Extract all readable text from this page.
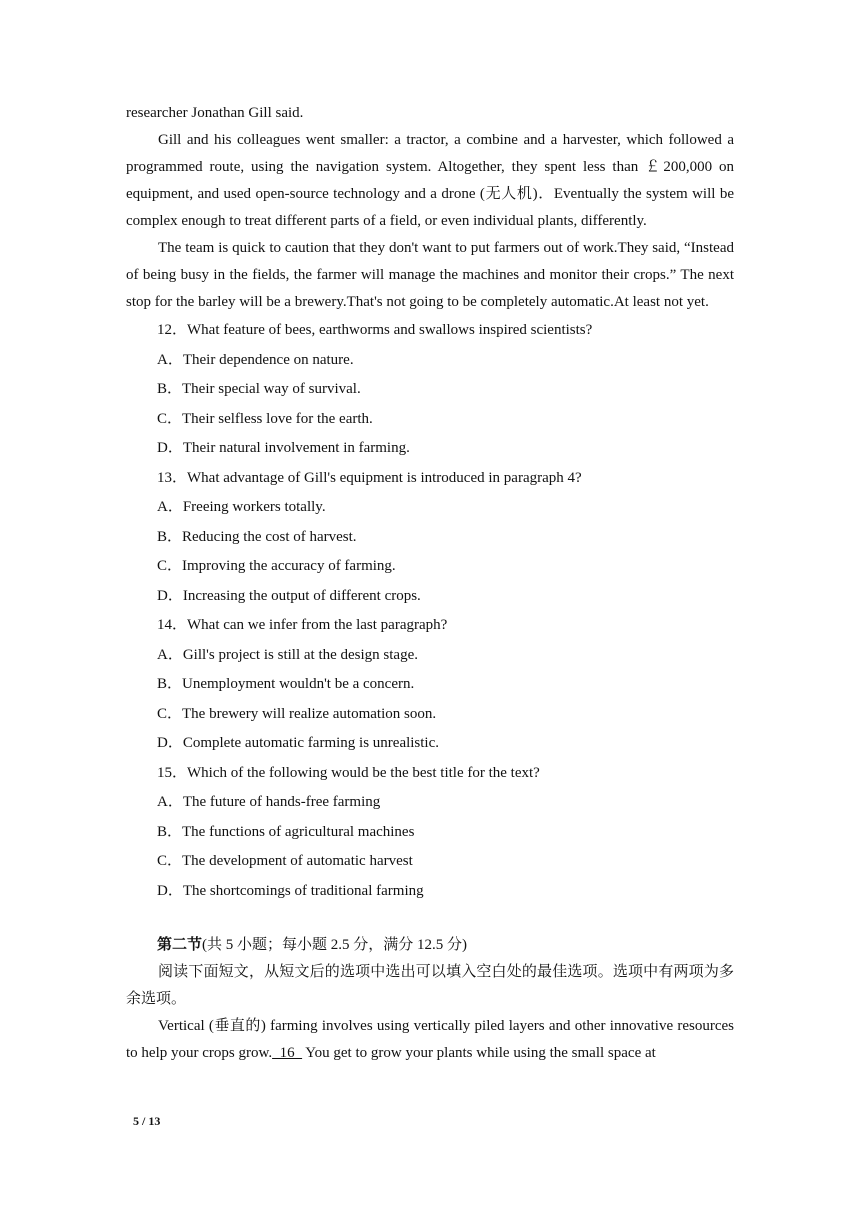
researcher Jonathan Gill said.

Gill and his colleagues went smaller: a tractor, a combine and a harvester, which followed a programmed route, using the navigation system. Altogether, they spent less than ￡200,000 on equipment, and used open-source technology and a drone (无人机)．Eventually the system will be complex enough to treat different parts of a field, or even individual plants, differently.

The team is quick to caution that they don't want to put farmers out of work.They said, “Instead of being busy in the fields, the farmer will manage the machines and monitor their crops.” The next stop for the barley will be a brewery.That's not going to be completely automatic.At least not yet.

12．What feature of bees, earthworms and swallows inspired scientists?

A．Their dependence on nature.

B．Their special way of survival.

C．Their selfless love for the earth.

D．Their natural involvement in farming.

13．What advantage of Gill's equipment is introduced in paragraph 4?

A．Freeing workers totally.

B．Reducing the cost of harvest.

C．Improving the accuracy of farming.

D．Increasing the output of different crops.

14．What can we infer from the last paragraph?

A．Gill's project is still at the design stage.

B．Unemployment wouldn't be a concern.

C．The brewery will realize automation soon.

D．Complete automatic farming is unrealistic.

15．Which of the following would be the best title for the text?

A．The future of hands-free farming

B．The functions of agricultural machines

C．The development of automatic harvest

D．The shortcomings of traditional farming

第二节(共 5 小题；每小题 2.5 分，满分 12.5 分)

阅读下面短文，从短文后的选项中选出可以填入空白处的最佳选项。选项中有两项为多余选项。

Vertical (垂直的) farming involves using vertically piled layers and other innovative resources to help your crops grow.  16   You get to grow your plants while using the small space at

5 / 13
